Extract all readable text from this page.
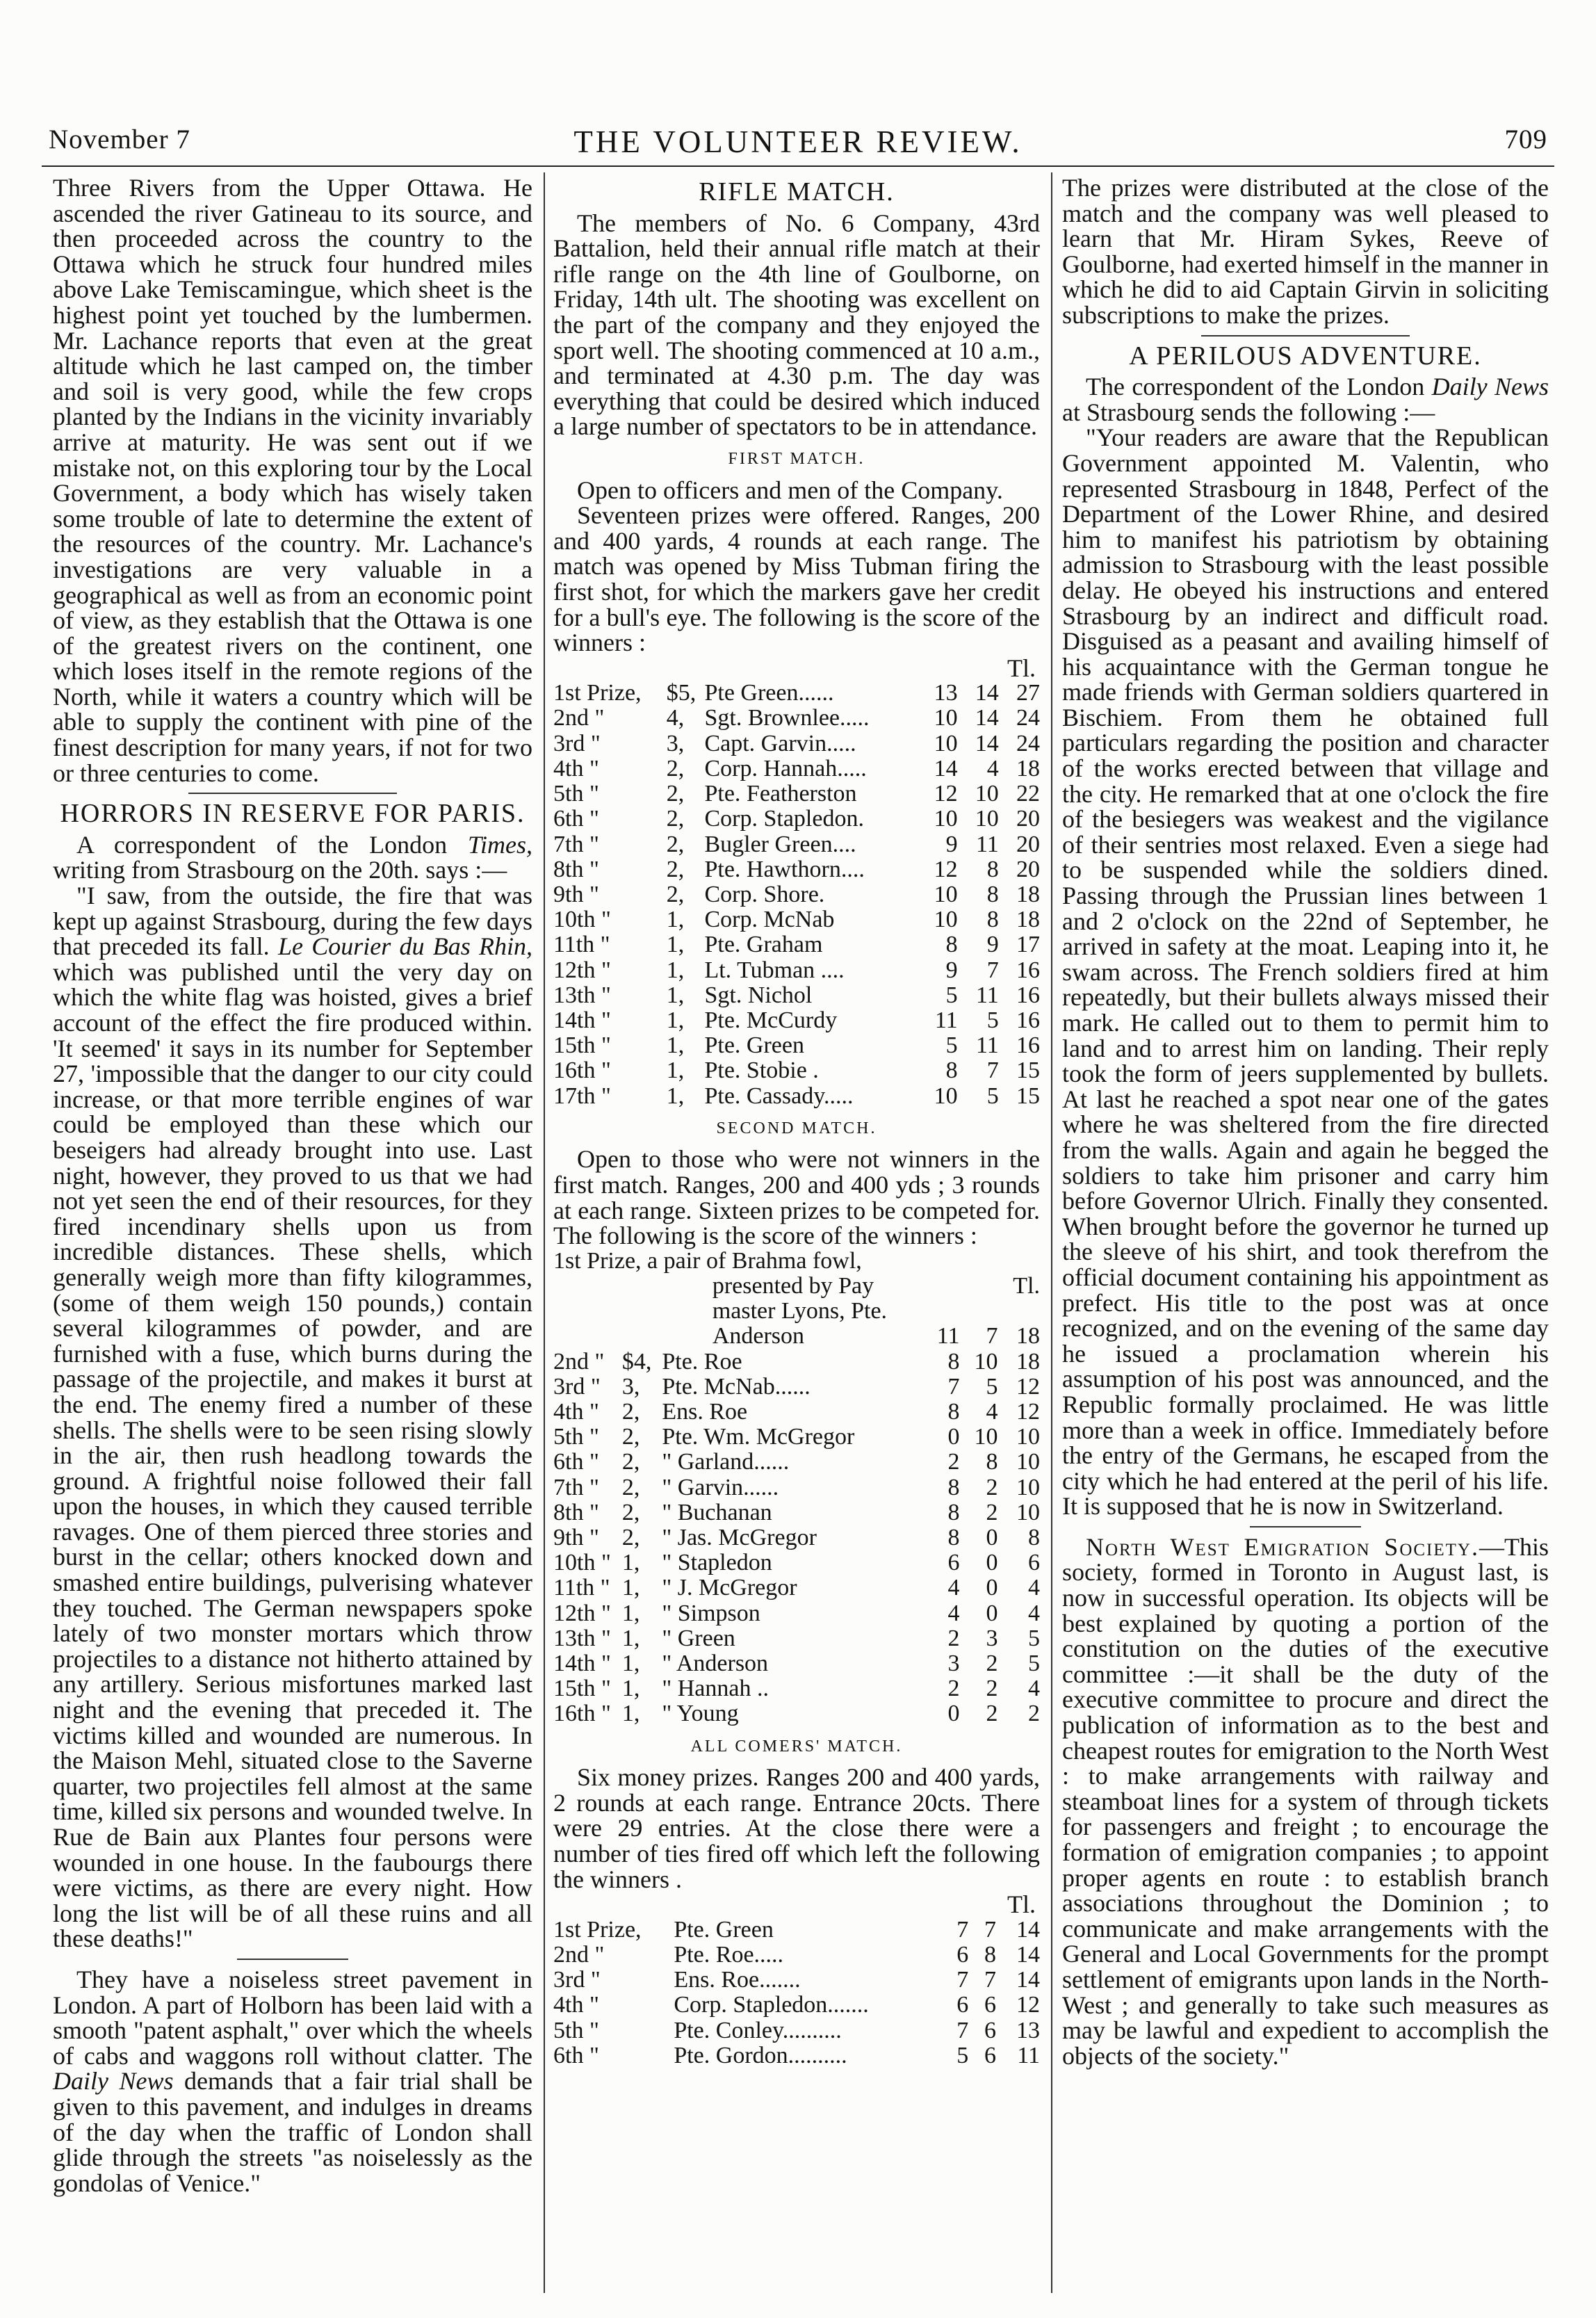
November 7	THE VOLUNTEER REVIEW.	709

Three Rivers from the Upper Ottawa. He ascended the river Gatineau to its source, and then proceeded across the country to the Ottawa which he struck four hundred miles above Lake Temiscamingue, which sheet is the highest point yet touched by the lumbermen. Mr. Lachance reports that even at the great altitude which he last camped on, the timber and soil is very good, while the few crops planted by the Indians in the vicinity invariably arrive at maturity. He was sent out if we mistake not, on this exploring tour by the Local Government, a body which has wisely taken some trouble of late to determine the extent of the resources of the country. Mr. Lachance's investigations are very valuable in a geographical as well as from an economic point of view, as they establish that the Ottawa is one of the greatest rivers on the continent, one which loses itself in the remote regions of the North, while it waters a country which will be able to supply the continent with pine of the finest description for many years, if not for two or three centuries to come.

HORRORS IN RESERVE FOR PARIS.

A correspondent of the London Times, writing from Strasbourg on the 20th. says :—

"I saw, from the outside, the fire that was kept up against Strasbourg, during the few days that preceded its fall. Le Courier du Bas Rhin, which was published until the very day on which the white flag was hoisted, gives a brief account of the effect the fire produced within. 'It seemed' it says in its number for September 27, 'impossible that the danger to our city could increase, or that more terrible engines of war could be employed than these which our beseigers had already brought into use. Last night, however, they proved to us that we had not yet seen the end of their resources, for they fired incendinary shells upon us from incredible distances. These shells, which generally weigh more than fifty kilogrammes, (some of them weigh 150 pounds,) contain several kilogrammes of powder, and are furnished with a fuse, which burns during the passage of the projectile, and makes it burst at the end. The enemy fired a number of these shells. The shells were to be seen rising slowly in the air, then rush headlong towards the ground. A frightful noise followed their fall upon the houses, in which they caused terrible ravages. One of them pierced three stories and burst in the cellar; others knocked down and smashed entire buildings, pulverising whatever they touched. The German newspapers spoke lately of two monster mortars which throw projectiles to a distance not hitherto attained by any artillery. Serious misfortunes marked last night and the evening that preceded it. The victims killed and wounded are numerous. In the Maison Mehl, situated close to the Saverne quarter, two projectiles fell almost at the same time, killed six persons and wounded twelve. In Rue de Bain aux Plantes four persons were wounded in one house. In the faubourgs there were victims, as there are every night. How long the list will be of all these ruins and all these deaths!"

They have a noiseless street pavement in London. A part of Holborn has been laid with a smooth "patent asphalt," over which the wheels of cabs and waggons roll without clatter. The Daily News demands that a fair trial shall be given to this pavement, and indulges in dreams of the day when the traffic of London shall glide through the streets "as noiselessly as the gondolas of Venice."

RIFLE MATCH.

The members of No. 6 Company, 43rd Battalion, held their annual rifle match at their rifle range on the 4th line of Goulborne, on Friday, 14th ult. The shooting was excellent on the part of the company and they enjoyed the sport well. The shooting commenced at 10 a.m., and terminated at 4.30 p.m. The day was everything that could be desired which induced a large number of spectators to be in attendance.

FIRST MATCH.

Open to officers and men of the Company.

Seventeen prizes were offered. Ranges, 200 and 400 yards, 4 rounds at each range. The match was opened by Miss Tubman firing the first shot, for which the markers gave her credit for a bull's eye. The following is the score of the winners :

Tl.
1st Prize,	$5,	Pte Green......	13	14	27
2nd "	4,	Sgt. Brownlee.....	10	14	24
3rd "	3,	Capt. Garvin.....	10	14	24
4th "	2,	Corp. Hannah.....	14	4	18
5th "	2,	Pte. Featherston	12	10	22
6th "	2,	Corp. Stapledon.	10	10	20
7th "	2,	Bugler Green....	9	11	20
8th "	2,	Pte. Hawthorn....	12	8	20
9th "	2,	Corp. Shore.	10	8	18
10th "	1,	Corp. McNab	10	8	18
11th "	1,	Pte. Graham	8	9	17
12th "	1,	Lt. Tubman ....	9	7	16
13th "	1,	Sgt. Nichol	5	11	16
14th "	1,	Pte. McCurdy	11	5	16
15th "	1,	Pte. Green	5	11	16
16th "	1,	Pte. Stobie .	8	7	15
17th "	1,	Pte. Cassady.....	10	5	15
SECOND MATCH.

Open to those who were not winners in the first match. Ranges, 200 and 400 yds ; 3 rounds at each range. Sixteen prizes to be competed for. The following is the score of the winners :

1st Prize, a pair of Brahma fowl,					
	presented by Pay				Tl.
	master Lyons, Pte.				
	Anderson		11	7	18
2nd "	$4,	Pte. Roe	8	10	18
3rd "	3,	Pte. McNab......	7	5	12
4th "	2,	Ens. Roe	8	4	12
5th "	2,	Pte. Wm. McGregor	0	10	10
6th "	2,	" Garland......	2	8	10
7th "	2,	" Garvin......	8	2	10
8th "	2,	" Buchanan	8	2	10
9th "	2,	" Jas. McGregor	8	0	8
10th "	1,	" Stapledon	6	0	6
11th "	1,	" J. McGregor	4	0	4
12th "	1,	" Simpson	4	0	4
13th "	1,	" Green	2	3	5
14th "	1,	" Anderson	3	2	5
15th "	1,	" Hannah ..	2	2	4
16th "	1,	" Young	0	2	2
ALL COMERS' MATCH.

Six money prizes. Ranges 200 and 400 yards, 2 rounds at each range. Entrance 20cts. There were 29 entries. At the close there were a number of ties fired off which left the following the winners .

Tl.
1st Prize,	Pte. Green	7	7	14
2nd "	Pte. Roe.....	6	8	14
3rd "	Ens. Roe.......	7	7	14
4th "	Corp. Stapledon.......	6	6	12
5th "	Pte. Conley..........	7	6	13
6th "	Pte. Gordon..........	5	6	11

The prizes were distributed at the close of the match and the company was well pleased to learn that Mr. Hiram Sykes, Reeve of Goulborne, had exerted himself in the manner in which he did to aid Captain Girvin in soliciting subscriptions to make the prizes.

A PERILOUS ADVENTURE.

The correspondent of the London Daily News at Strasbourg sends the following :—

"Your readers are aware that the Republican Government appointed M. Valentin, who represented Strasbourg in 1848, Perfect of the Department of the Lower Rhine, and desired him to manifest his patriotism by obtaining admission to Strasbourg with the least possible delay. He obeyed his instructions and entered Strasbourg by an indirect and difficult road. Disguised as a peasant and availing himself of his acquaintance with the German tongue he made friends with German soldiers quartered in Bischiem. From them he obtained full particulars regarding the position and character of the works erected between that village and the city. He remarked that at one o'clock the fire of the besiegers was weakest and the vigilance of their sentries most relaxed. Even a siege had to be suspended while the soldiers dined. Passing through the Prussian lines between 1 and 2 o'clock on the 22nd of September, he arrived in safety at the moat. Leaping into it, he swam across. The French soldiers fired at him repeatedly, but their bullets always missed their mark. He called out to them to permit him to land and to arrest him on landing. Their reply took the form of jeers supplemented by bullets. At last he reached a spot near one of the gates where he was sheltered from the fire directed from the walls. Again and again he begged the soldiers to take him prisoner and carry him before Governor Ulrich. Finally they consented. When brought before the governor he turned up the sleeve of his shirt, and took therefrom the official document containing his appointment as prefect. His title to the post was at once recognized, and on the evening of the same day he issued a proclamation wherein his assumption of his post was announced, and the Republic formally proclaimed. He was little more than a week in office. Immediately before the entry of the Germans, he escaped from the city which he had entered at the peril of his life. It is supposed that he is now in Switzerland.

North West Emigration Society.—This society, formed in Toronto in August last, is now in successful operation. Its objects will be best explained by quoting a portion of the constitution on the duties of the executive committee :—it shall be the duty of the executive committee to procure and direct the publication of information as to the best and cheapest routes for emigration to the North West : to make arrangements with railway and steamboat lines for a system of through tickets for passengers and freight ; to encourage the formation of emigration companies ; to appoint proper agents en route : to establish branch associations throughout the Dominion ; to communicate and make arrangements with the General and Local Governments for the prompt settlement of emigrants upon lands in the North-West ; and generally to take such measures as may be lawful and expedient to accomplish the objects of the society."
